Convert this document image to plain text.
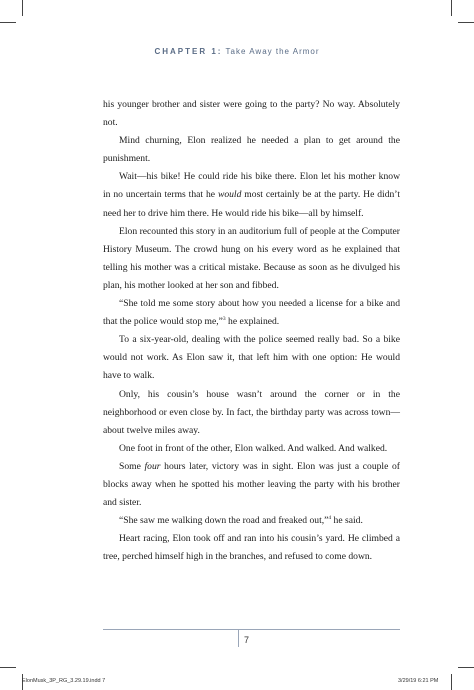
CHAPTER 1: Take Away the Armor

his younger brother and sister were going to the party? No way. Absolutely not.

Mind churning, Elon realized he needed a plan to get around the punishment.

Wait—his bike! He could ride his bike there. Elon let his mother know in no uncertain terms that he would most certainly be at the party. He didn’t need her to drive him there. He would ride his bike—all by himself.

Elon recounted this story in an auditorium full of people at the Computer History Museum. The crowd hung on his every word as he explained that telling his mother was a critical mistake. Because as soon as he divulged his plan, his mother looked at her son and fibbed.

“She told me some story about how you needed a license for a bike and that the police would stop me,”$^3$ he explained.

To a six-year-old, dealing with the police seemed really bad. So a bike would not work. As Elon saw it, that left him with one option: He would have to walk.

Only, his cousin’s house wasn’t around the corner or in the neighborhood or even close by. In fact, the birthday party was across town—about twelve miles away.

One foot in front of the other, Elon walked. And walked. And walked.

Some four hours later, victory was in sight. Elon was just a couple of blocks away when he spotted his mother leaving the party with his brother and sister.

“She saw me walking down the road and freaked out,”$^4$ he said.

Heart racing, Elon took off and ran into his cousin’s yard. He climbed a tree, perched himself high in the branches, and refused to come down.

7
ElonMusk_3P_RG_3.29.19.indd 7	3/29/19 6:21 PM
